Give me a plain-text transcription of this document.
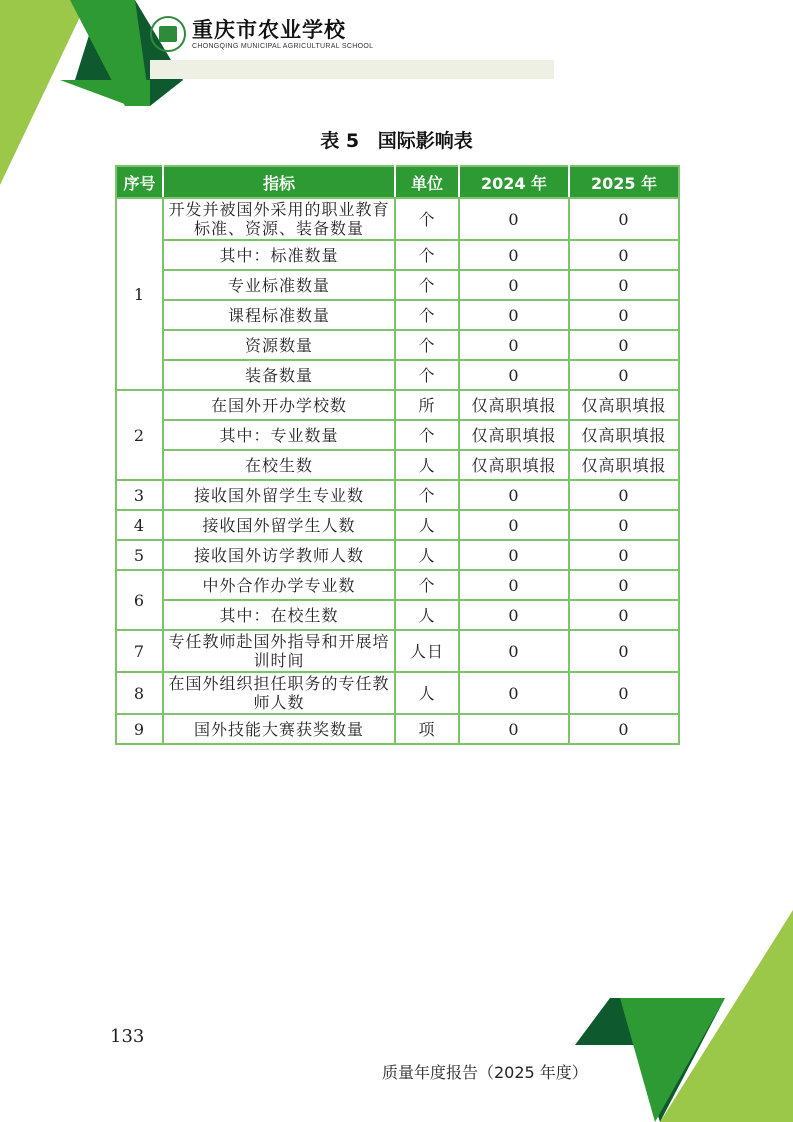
重庆市农业学校
CHONGQING MUNICIPAL AGRICULTURAL SCHOOL
表 5 国际影响表
序号	指标	单位	2024 年	2025 年
1	开发并被国外采用的职业教育标准、资源、装备数量	个	0	0
	其中：标准数量	个	0	0
	专业标准数量	个	0	0
	课程标准数量	个	0	0
	资源数量	个	0	0
	装备数量	个	0	0
2	在国外开办学校数	所	仅高职填报	仅高职填报
	其中：专业数量	个	仅高职填报	仅高职填报
	在校生数	人	仅高职填报	仅高职填报
3	接收国外留学生专业数	个	0	0
4	接收国外留学生人数	人	0	0
5	接收国外访学教师人数	人	0	0
6	中外合作办学专业数	个	0	0
	其中：在校生数	人	0	0
7	专任教师赴国外指导和开展培训时间	人日	0	0
8	在国外组织担任职务的专任教师人数	人	0	0
9	国外技能大赛获奖数量	项	0	0
133
质量年度报告（2025 年度）
